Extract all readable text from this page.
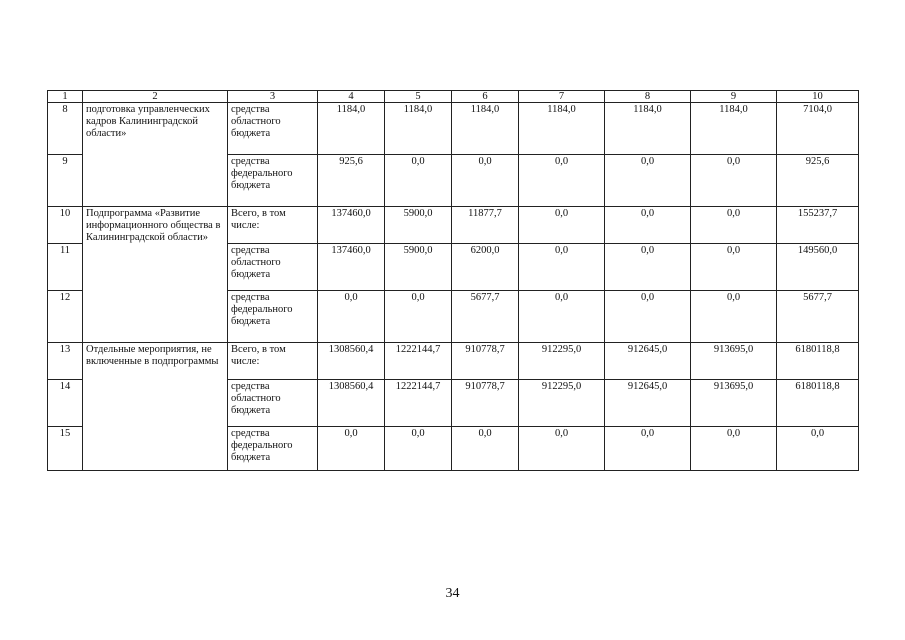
1	2	3	4	5	6	7	8	9	10
8	подготовка управленческих кадров Калининградской области»	средства областного бюджета	1184,0	1184,0	1184,0	1184,0	1184,0	1184,0	7104,0
9		средства федерального бюджета	925,6	0,0	0,0	0,0	0,0	0,0	925,6
10	Подпрограмма «Развитие информационного общества в Калининградской области»	Всего, в том числе:	137460,0	5900,0	11877,7	0,0	0,0	0,0	155237,7
11		средства областного бюджета	137460,0	5900,0	6200,0	0,0	0,0	0,0	149560,0
12		средства федерального бюджета	0,0	0,0	5677,7	0,0	0,0	0,0	5677,7
13	Отдельные мероприятия, не включенные в подпрограммы	Всего, в том числе:	1308560,4	1222144,7	910778,7	912295,0	912645,0	913695,0	6180118,8
14		средства областного бюджета	1308560,4	1222144,7	910778,7	912295,0	912645,0	913695,0	6180118,8
15		средства федерального бюджета	0,0	0,0	0,0	0,0	0,0	0,0	0,0
34
